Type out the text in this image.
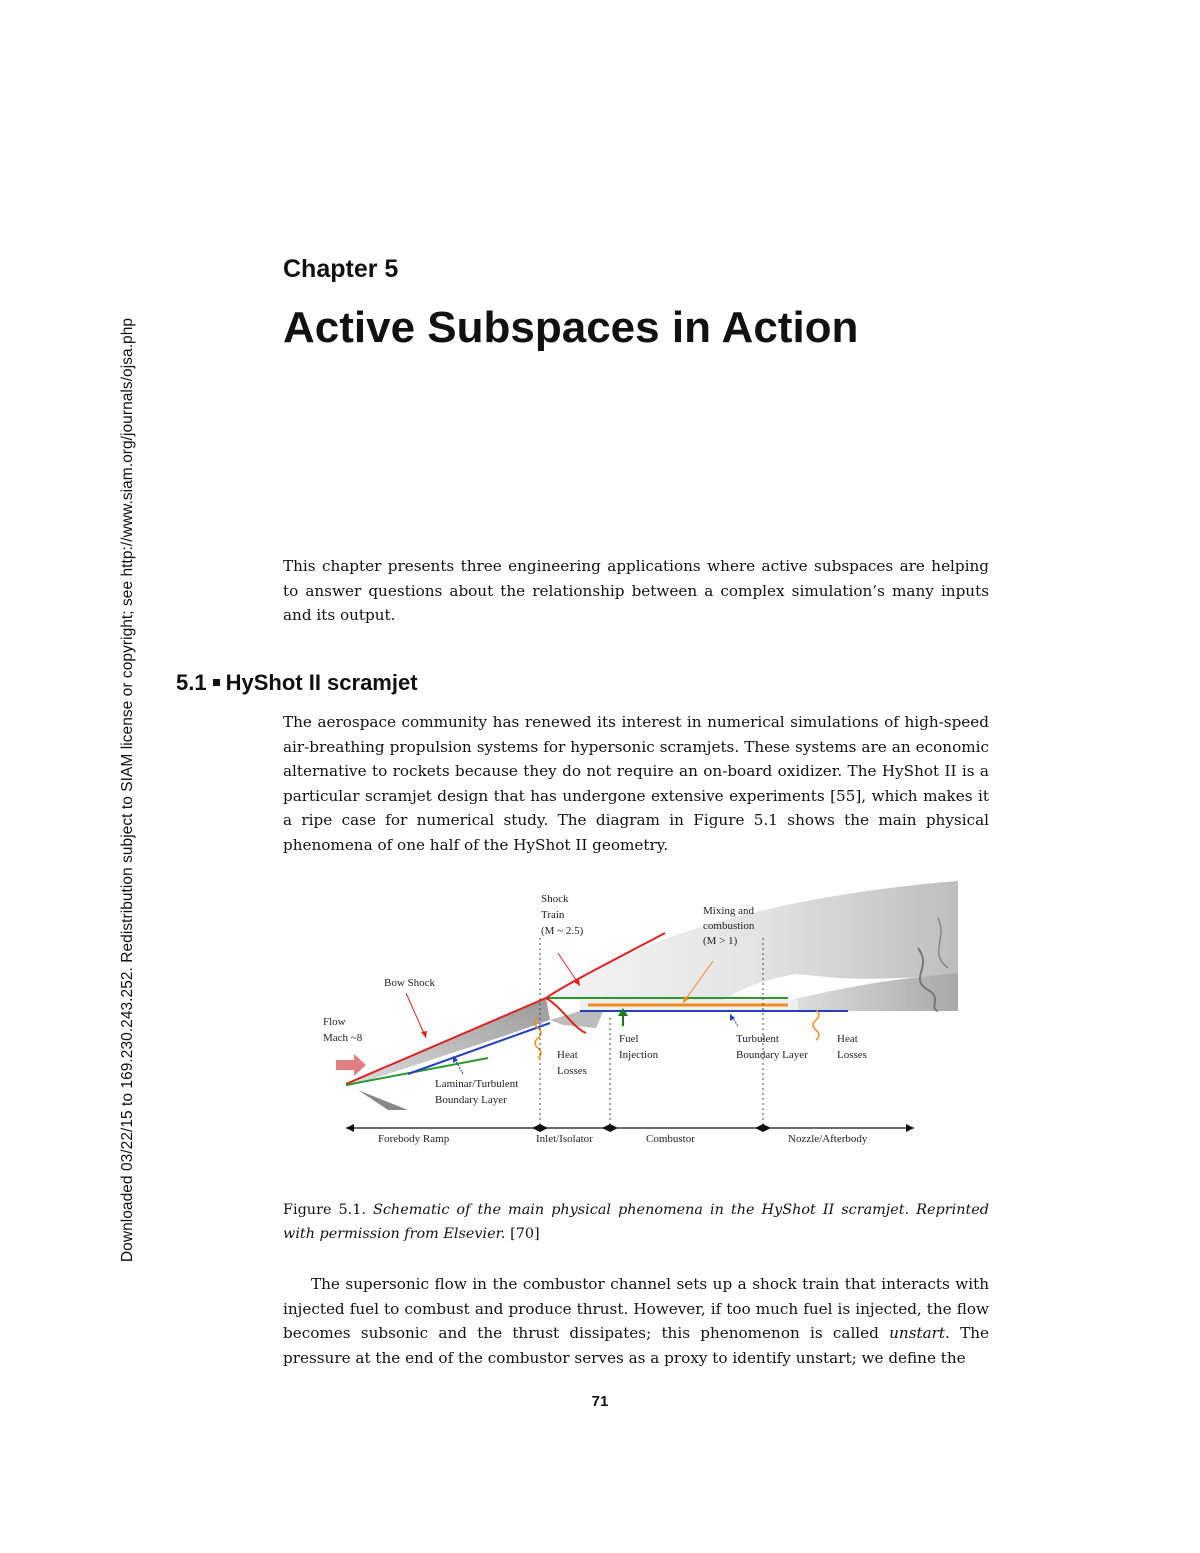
Downloaded 03/22/15 to 169.230.243.252. Redistribution subject to SIAM license or copyright; see http://www.siam.org/journals/ojsa.php
Chapter 5
Active Subspaces in Action

This chapter presents three engineering applications where active subspaces are helping to answer questions about the relationship between a complex simulation’s many inputs and its output.

5.1 HyShot II scramjet

The aerospace community has renewed its interest in numerical simulations of high-speed air-breathing propulsion systems for hypersonic scramjets. These systems are an economic alternative to rockets because they do not require an on-board oxidizer. The HyShot II is a particular scramjet design that has undergone extensive experiments [55], which makes it a ripe case for numerical study. The diagram in Figure 5.1 shows the main physical phenomena of one half of the HyShot II geometry.

Shock
Train
(M ~ 2.5)
Mixing and
combustion
(M > 1)
Bow Shock
Flow
Mach ~8
Heat
Losses
Fuel
Injection
Turbulent
Boundary Layer
Heat
Losses
Laminar/Turbulent
Boundary Layer
Forebody Ramp	Inlet/Isolator	Combustor	Nozzle/Afterbody
Figure 5.1. Schematic of the main physical phenomena in the HyShot II scramjet. Reprinted with permission from Elsevier. [70]

The supersonic flow in the combustor channel sets up a shock train that interacts with injected fuel to combust and produce thrust. However, if too much fuel is injected, the flow becomes subsonic and the thrust dissipates; this phenomenon is called unstart. The pressure at the end of the combustor serves as a proxy to identify unstart; we define the

71
